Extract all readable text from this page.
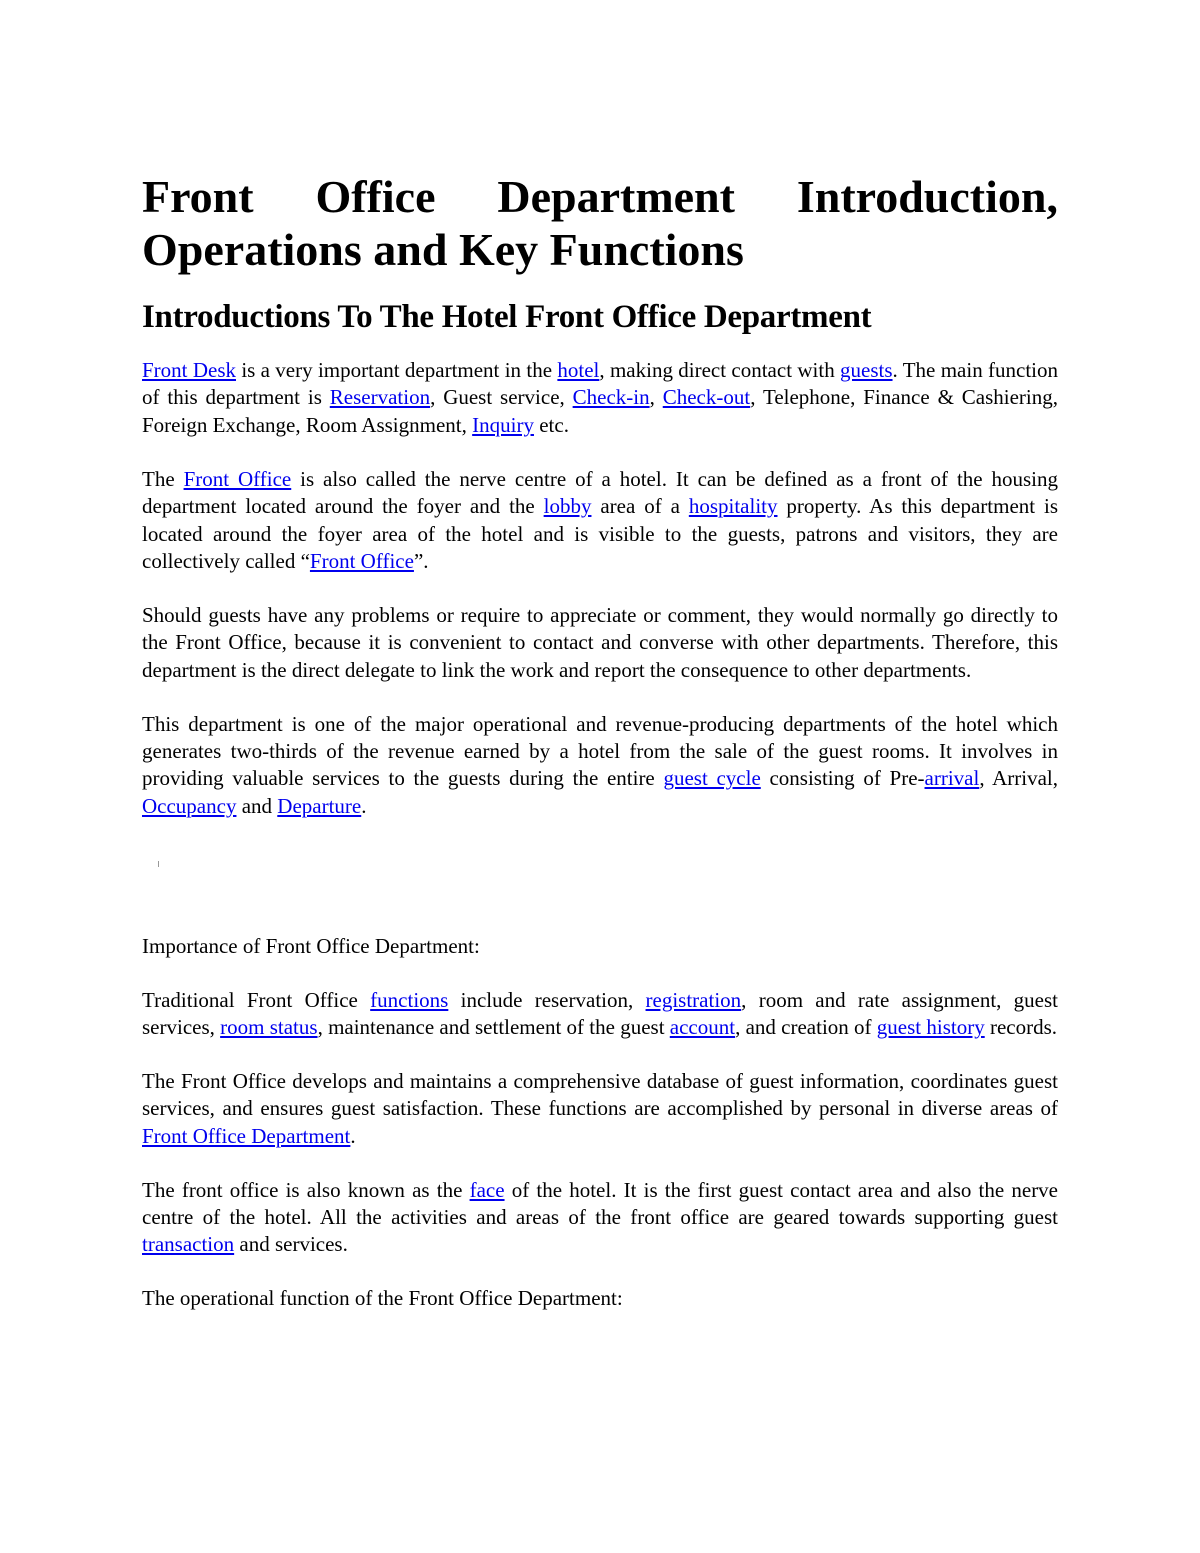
Front Office Department Introduction, Operations and Key Functions
Introductions To The Hotel Front Office Department

Front Desk is a very important department in the hotel, making direct contact with guests. The main function of this department is Reservation, Guest service, Check-in, Check-out, Telephone, Finance & Cashiering, Foreign Exchange, Room Assignment, Inquiry etc.

The Front Office is also called the nerve centre of a hotel. It can be defined as a front of the housing department located around the foyer and the lobby area of a hospitality property. As this department is located around the foyer area of the hotel and is visible to the guests, patrons and visitors, they are collectively called “Front Office”.

Should guests have any problems or require to appreciate or comment, they would normally go directly to the Front Office, because it is convenient to contact and converse with other departments. Therefore, this department is the direct delegate to link the work and report the consequence to other departments.

This department is one of the major operational and revenue-producing departments of the hotel which generates two-thirds of the revenue earned by a hotel from the sale of the guest rooms. It involves in providing valuable services to the guests during the entire guest cycle consisting of Pre-arrival, Arrival, Occupancy and Departure.

Importance of Front Office Department:

Traditional Front Office functions include reservation, registration, room and rate assignment, guest services, room status, maintenance and settlement of the guest account, and creation of guest history records.

The Front Office develops and maintains a comprehensive database of guest information, coordinates guest services, and ensures guest satisfaction. These functions are accomplished by personal in diverse areas of Front Office Department.

The front office is also known as the face of the hotel. It is the first guest contact area and also the nerve centre of the hotel. All the activities and areas of the front office are geared towards supporting guest transaction and services.

The operational function of the Front Office Department:
